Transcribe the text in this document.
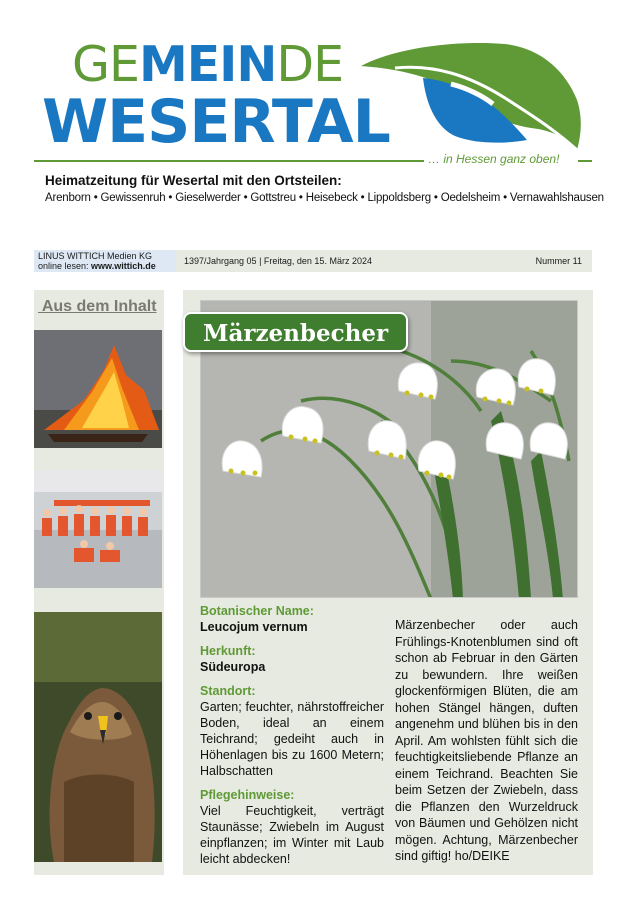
GEMEINDE
WESERTAL
… in Hessen ganz oben!
Heimatzeitung für Wesertal mit den Ortsteilen:
Arenborn • Gewissenruh • Gieselwerder • Gottstreu • Heisebeck • Lippoldsberg • Oedelsheim • Vernawahlshausen
LINUS WITTICH Medien KG
online lesen: www.wittich.de	1397/Jahrgang 05 | Freitag, den 15. März 2024	Nummer 11
Aus dem Inhalt
Märzenbecher
Botanischer Name:
Leucojum vernum
Herkunft:
Südeuropa
Standort:
Garten; feuchter, nährstoffreicher Boden, ideal an einem Teichrand; gedeiht auch in Höhenlagen bis zu 1600 Metern; Halbschatten
Pflegehinweise:
Viel Feuchtigkeit, verträgt Staunässe; Zwiebeln im August einpflanzen; im Winter mit Laub leicht abdecken!
Märzenbecher oder auch Frühlings-Knotenblumen sind oft schon ab Februar in den Gärten zu bewundern. Ihre weißen glockenförmigen Blüten, die am hohen Stängel hängen, duften angenehm und blühen bis in den April. Am wohlsten fühlt sich die feuchtigkeitsliebende Pflanze an einem Teichrand. Beachten Sie beim Setzen der Zwiebeln, dass die Pflanzen den Wurzeldruck von Bäumen und Gehölzen nicht mögen. Achtung, Märzenbecher sind giftig! ho/DEIKE
